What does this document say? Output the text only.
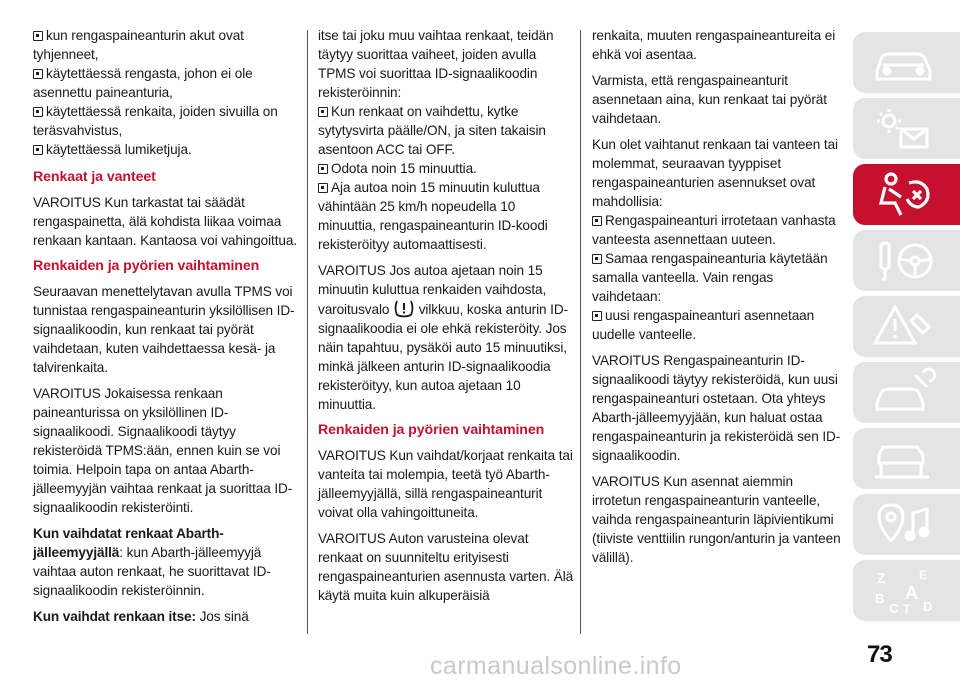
kun rengaspaineanturin akut ovat tyhjenneet,
käytettäessä rengasta, johon ei ole asennettu paineanturia,
käytettäessä renkaita, joiden sivuilla on teräsvahvistus,
käytettäessä lumiketjuja.
Renkaat ja vanteet

VAROITUS Kun tarkastat tai säädät rengaspainetta, älä kohdista liikaa voimaa renkaan kantaan. Kantaosa voi vahingoittua.

Renkaiden ja pyörien vaihtaminen

Seuraavan menettelytavan avulla TPMS voi tunnistaa rengaspaineanturin yksilöllisen ID-signaalikoodin, kun renkaat tai pyörät vaihdetaan, kuten vaihdettaessa kesä- ja talvirenkaita.

VAROITUS Jokaisessa renkaan paineanturissa on yksilöllinen ID-signaalikoodi. Signaalikoodi täytyy rekisteröidä TPMS:ään, ennen kuin se voi toimia. Helpoin tapa on antaa Abarth-jälleemyyjän vaihtaa renkaat ja suorittaa ID-signaalikoodin rekisteröinti.

Kun vaihdatat renkaat Abarth-jälleemyyjällä: kun Abarth-jälleemyyjä vaihtaa auton renkaat, he suorittavat ID-signaalikoodin rekisteröinnin.

Kun vaihdat renkaan itse: Jos sinä

itse tai joku muu vaihtaa renkaat, teidän täytyy suorittaa vaiheet, joiden avulla TPMS voi suorittaa ID-signaalikoodin rekisteröinnin:
Kun renkaat on vaihdettu, kytke sytytysvirta päälle/ON, ja siten takaisin asentoon ACC tai OFF.
Odota noin 15 minuuttia.
Aja autoa noin 15 minuutin kuluttua vähintään 25 km/h nopeudella 10 minuuttia, rengaspaineanturin ID-koodi rekisteröityy automaattisesti.

VAROITUS Jos autoa ajetaan noin 15 minuutin kuluttua renkaiden vaihdosta, varoitusvalo vilkkuu, koska anturin ID-signaalikoodia ei ole ehkä rekisteröity. Jos näin tapahtuu, pysäköi auto 15 minuutiksi, minkä jälkeen anturin ID-signaalikoodia rekisteröityy, kun autoa ajetaan 10 minuuttia.

Renkaiden ja pyörien vaihtaminen

VAROITUS Kun vaihdat/korjaat renkaita tai vanteita tai molempia, teetä työ Abarth-jälleemyyjällä, sillä rengaspaineanturit voivat olla vahingoittuneita.

VAROITUS Auton varusteina olevat renkaat on suunniteltu erityisesti rengaspaineanturien asennusta varten. Älä käytä muita kuin alkuperäisiä

renkaita, muuten rengaspaineantureita ei ehkä voi asentaa.

Varmista, että rengaspaineanturit asennetaan aina, kun renkaat tai pyörät vaihdetaan.

Kun olet vaihtanut renkaan tai vanteen tai molemmat, seuraavan tyyppiset rengaspaineanturien asennukset ovat mahdollisia:
Rengaspaineanturi irrotetaan vanhasta vanteesta asennettaan uuteen.
Samaa rengaspaineanturia käytetään samalla vanteella. Vain rengas vaihdetaan:
uusi rengaspaineanturi asennetaan uudelle vanteelle.

VAROITUS Rengaspaineanturin ID-signaalikoodi täytyy rekisteröidä, kun uusi rengaspaineanturi ostetaan. Ota yhteys Abarth-jälleemyyjään, kun haluat ostaa rengaspaineanturin ja rekisteröidä sen ID-signaalikoodin.

VAROITUS Kun asennat aiemmin irrotetun rengaspaineanturin vanteelle, vaihda rengaspaineanturin läpivientikumi (tiiviste venttiilin rungon/anturin ja vanteen välillä).

Z	E
B A
C T D
73
carmanualsonline.info
